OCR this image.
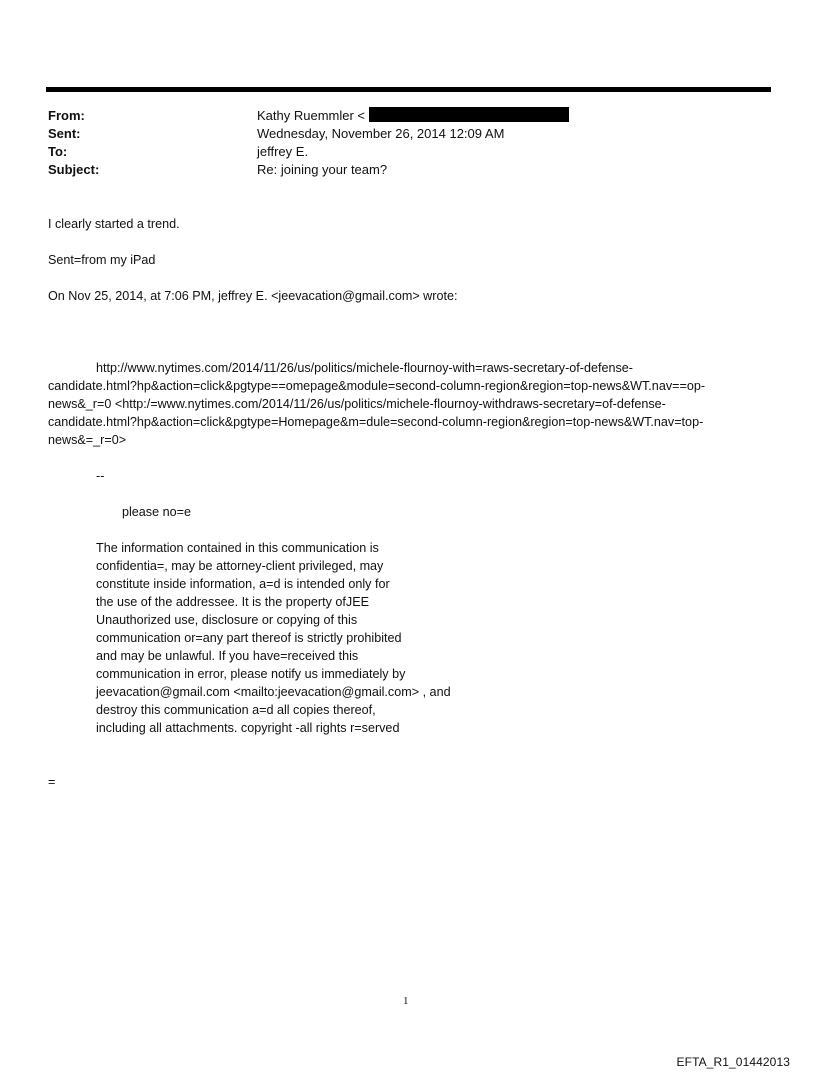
From:	Kathy Ruemmler <
Sent:	Wednesday, November 26, 2014 12:09 AM
To:	jeffrey E.
Subject:	Re: joining your team?
I clearly started a trend.
Sent=from my iPad
On Nov 25, 2014, at 7:06 PM, jeffrey E. <jeevacation@gmail.com> wrote:
http://www.nytimes.com/2014/11/26/us/politics/michele-flournoy-with=raws-secretary-of-defense-
candidate.html?hp&action=click&pgtype==omepage&module=second-column-region&region=top-news&WT.nav==op-
news&_r=0 <http:/=www.nytimes.com/2014/11/26/us/politics/michele-flournoy-withdraws-secretary=of-defense-
candidate.html?hp&action=click&pgtype=Homepage&m=dule=second-column-region&region=top-news&WT.nav=top-
news&=_r=0>
--
please no=e
The information contained in this communication is
confidentia=, may be attorney-client privileged, may
constitute inside information, a=d is intended only for
the use of the addressee. It is the property ofJEE
Unauthorized use, disclosure or copying of this
communication or=any part thereof is strictly prohibited
and may be unlawful. If you have=received this
communication in error, please notify us immediately by
jeevacation@gmail.com <mailto:jeevacation@gmail.com> , and
destroy this communication a=d all copies thereof,
including all attachments. copyright -all rights r=served
=
1
EFTA_R1_01442013
